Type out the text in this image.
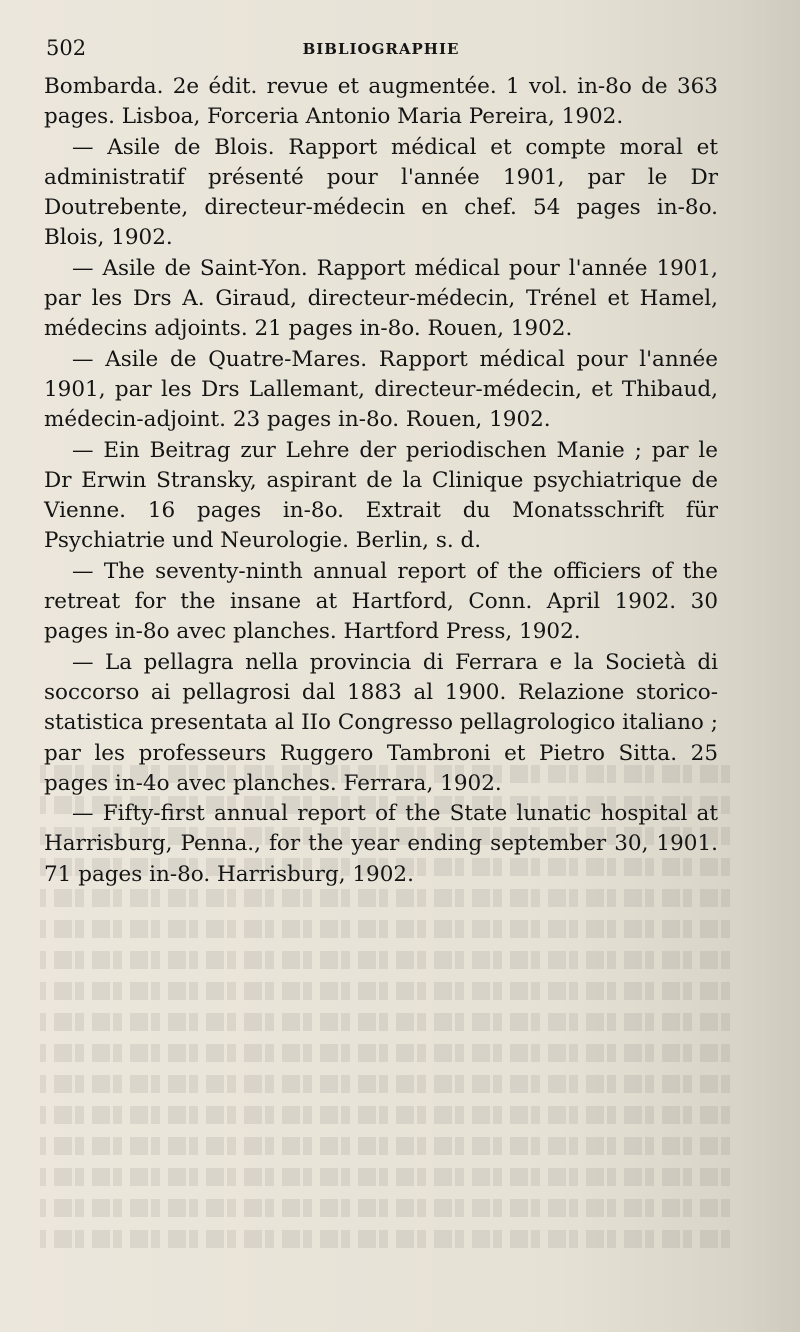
502	BIBLIOGRAPHIE

Bombarda. 2e édit. revue et augmentée. 1 vol. in-8o de 363 pages. Lisboa, Forceria Antonio Maria Pereira, 1902.

— Asile de Blois. Rapport médical et compte moral et administratif présenté pour l'année 1901, par le Dr Doutrebente, directeur-médecin en chef. 54 pages in-8o. Blois, 1902.

— Asile de Saint-Yon. Rapport médical pour l'année 1901, par les Drs A. Giraud, directeur-médecin, Trénel et Hamel, médecins adjoints. 21 pages in-8o. Rouen, 1902.

— Asile de Quatre-Mares. Rapport médical pour l'année 1901, par les Drs Lallemant, directeur-médecin, et Thibaud, médecin-adjoint. 23 pages in-8o. Rouen, 1902.

— Ein Beitrag zur Lehre der periodischen Manie ; par le Dr Erwin Stransky, aspirant de la Clinique psychiatrique de Vienne. 16 pages in-8o. Extrait du Monatsschrift für Psychiatrie und Neurologie. Berlin, s. d.

— The seventy-ninth annual report of the officiers of the retreat for the insane at Hartford, Conn. April 1902. 30 pages in-8o avec planches. Hartford Press, 1902.

— La pellagra nella provincia di Ferrara e la Società di soccorso ai pellagrosi dal 1883 al 1900. Relazione storico-statistica presentata al IIo Congresso pellagrologico italiano ; par les professeurs Ruggero Tambroni et Pietro Sitta. 25 pages in-4o avec planches. Ferrara, 1902.

— Fifty-first annual report of the State lunatic hospital at Harrisburg, Penna., for the year ending september 30, 1901. 71 pages in-8o. Harrisburg, 1902.
